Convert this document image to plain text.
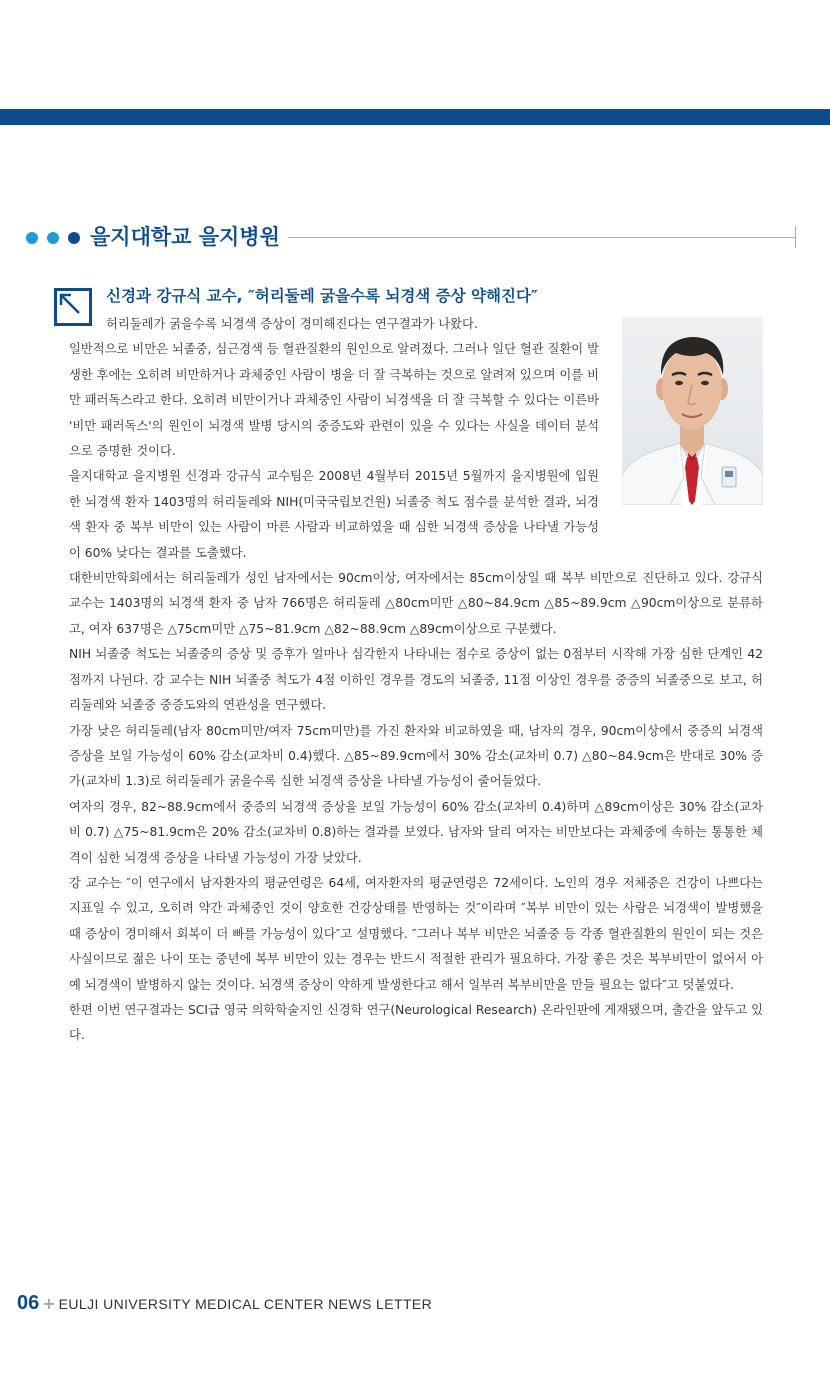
을지대학교 을지병원
신경과 강규식 교수, ″허리둘레 굵을수록 뇌경색 증상 약해진다″

허리둘레가 굵을수록 뇌경색 증상이 경미해진다는 연구결과가 나왔다.

일반적으로 비만은 뇌졸중, 심근경색 등 혈관질환의 원인으로 알려졌다. 그러나 일단 혈관 질환이 발생한 후에는 오히려 비만하거나 과체중인 사람이 병을 더 잘 극복하는 것으로 알려져 있으며 이를 비만 패러독스라고 한다. 오히려 비만이거나 과체중인 사람이 뇌경색을 더 잘 극복할 수 있다는 이른바 '비만 패러독스'의 원인이 뇌경색 발병 당시의 중증도와 관련이 있을 수 있다는 사실을 데이터 분석으로 증명한 것이다.

을지대학교 을지병원 신경과 강규식 교수팀은 2008년 4월부터 2015년 5월까지 을지병원에 입원한 뇌경색 환자 1403명의 허리둘레와 NIH(미국국립보건원) 뇌졸중 척도 점수를 분석한 결과, 뇌경색 환자 중 복부 비만이 있는 사람이 마른 사람과 비교하였을 때 심한 뇌경색 증상을 나타낼 가능성이 60% 낮다는 결과를 도출했다.

대한비만학회에서는 허리둘레가 성인 남자에서는 90cm이상, 여자에서는 85cm이상일 때 복부 비만으로 진단하고 있다. 강규식 교수는 1403명의 뇌경색 환자 중 남자 766명은 허리둘레 △80cm미만 △80~84.9cm △85~89.9cm △90cm이상으로 분류하고, 여자 637명은 △75cm미만 △75~81.9cm △82~88.9cm △89cm이상으로 구분했다.

NIH 뇌졸중 척도는 뇌졸중의 증상 및 증후가 얼마나 심각한지 나타내는 점수로 증상이 없는 0점부터 시작해 가장 심한 단계인 42점까지 나뉜다. 강 교수는 NIH 뇌졸중 척도가 4점 이하인 경우를 경도의 뇌졸중, 11점 이상인 경우를 중증의 뇌졸중으로 보고, 허리둘레와 뇌졸중 중증도와의 연관성을 연구했다.

가장 낮은 허리둘레(남자 80cm미만/여자 75cm미만)를 가진 환자와 비교하였을 때, 남자의 경우, 90cm이상에서 중증의 뇌경색 증상을 보일 가능성이 60% 감소(교차비 0.4)했다. △85~89.9cm에서 30% 감소(교차비 0.7) △80~84.9cm은 반대로 30% 증가(교차비 1.3)로 허리둘레가 굵을수록 심한 뇌경색 증상을 나타낼 가능성이 줄어들었다.

여자의 경우, 82~88.9cm에서 중증의 뇌경색 증상을 보일 가능성이 60% 감소(교차비 0.4)하며 △89cm이상은 30% 감소(교차비 0.7) △75~81.9cm은 20% 감소(교차비 0.8)하는 결과를 보였다. 남자와 달리 여자는 비만보다는 과체중에 속하는 통통한 체격이 심한 뇌경색 증상을 나타낼 가능성이 가장 낮았다.

강 교수는 ″이 연구에서 남자환자의 평균연령은 64세, 여자환자의 평균연령은 72세이다. 노인의 경우 저체중은 건강이 나쁘다는 지표일 수 있고, 오히려 약간 과체중인 것이 양호한 건강상태를 반영하는 것″이라며 ″복부 비만이 있는 사람은 뇌경색이 발병했을 때 증상이 경미해서 회복이 더 빠를 가능성이 있다″고 설명했다. ″그러나 복부 비만은 뇌졸중 등 각종 혈관질환의 원인이 되는 것은 사실이므로 젊은 나이 또는 중년에 복부 비만이 있는 경우는 반드시 적절한 관리가 필요하다. 가장 좋은 것은 복부비만이 없어서 아예 뇌경색이 발병하지 않는 것이다. 뇌경색 증상이 약하게 발생한다고 해서 일부러 복부비만을 만들 필요는 없다″고 덧붙였다.

한편 이번 연구결과는 SCI급 영국 의학학술지인 신경학 연구(Neurological Research) 온라인판에 게재됐으며, 출간을 앞두고 있다.

06 + EULJI UNIVERSITY MEDICAL CENTER NEWS LETTER
